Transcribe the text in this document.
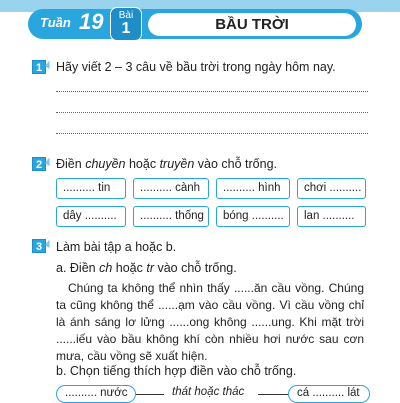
Tuần 19	Bài
1	BẦU TRỜI
1 Hãy viết 2 – 3 câu về bầu trời trong ngày hôm nay.
2 Điền chuyền hoặc truyền vào chỗ trống.
.......... tin	.......... cành	.......... hình	chơi ..........
dây ..........	.......... thống	bóng ..........	lan ..........
3 Làm bài tập a hoặc b.
a. Điền ch hoặc tr vào chỗ trống.
Chúng ta không thể nhìn thấy ......ăn cầu vồng. Chúng ta cũng không thể ......ạm vào cầu vồng. Vì cầu vồng chỉ là ánh sáng lơ lửng ......ong không ......ung. Khi mặt trời ......iếu vào bầu không khí còn nhiều hơi nước sau cơn mưa, cầu vồng sẽ xuất hiện.
b. Chọn tiếng thích hợp điền vào chỗ trống.
.......... nước	thát hoặc thác	cá .......... lát
